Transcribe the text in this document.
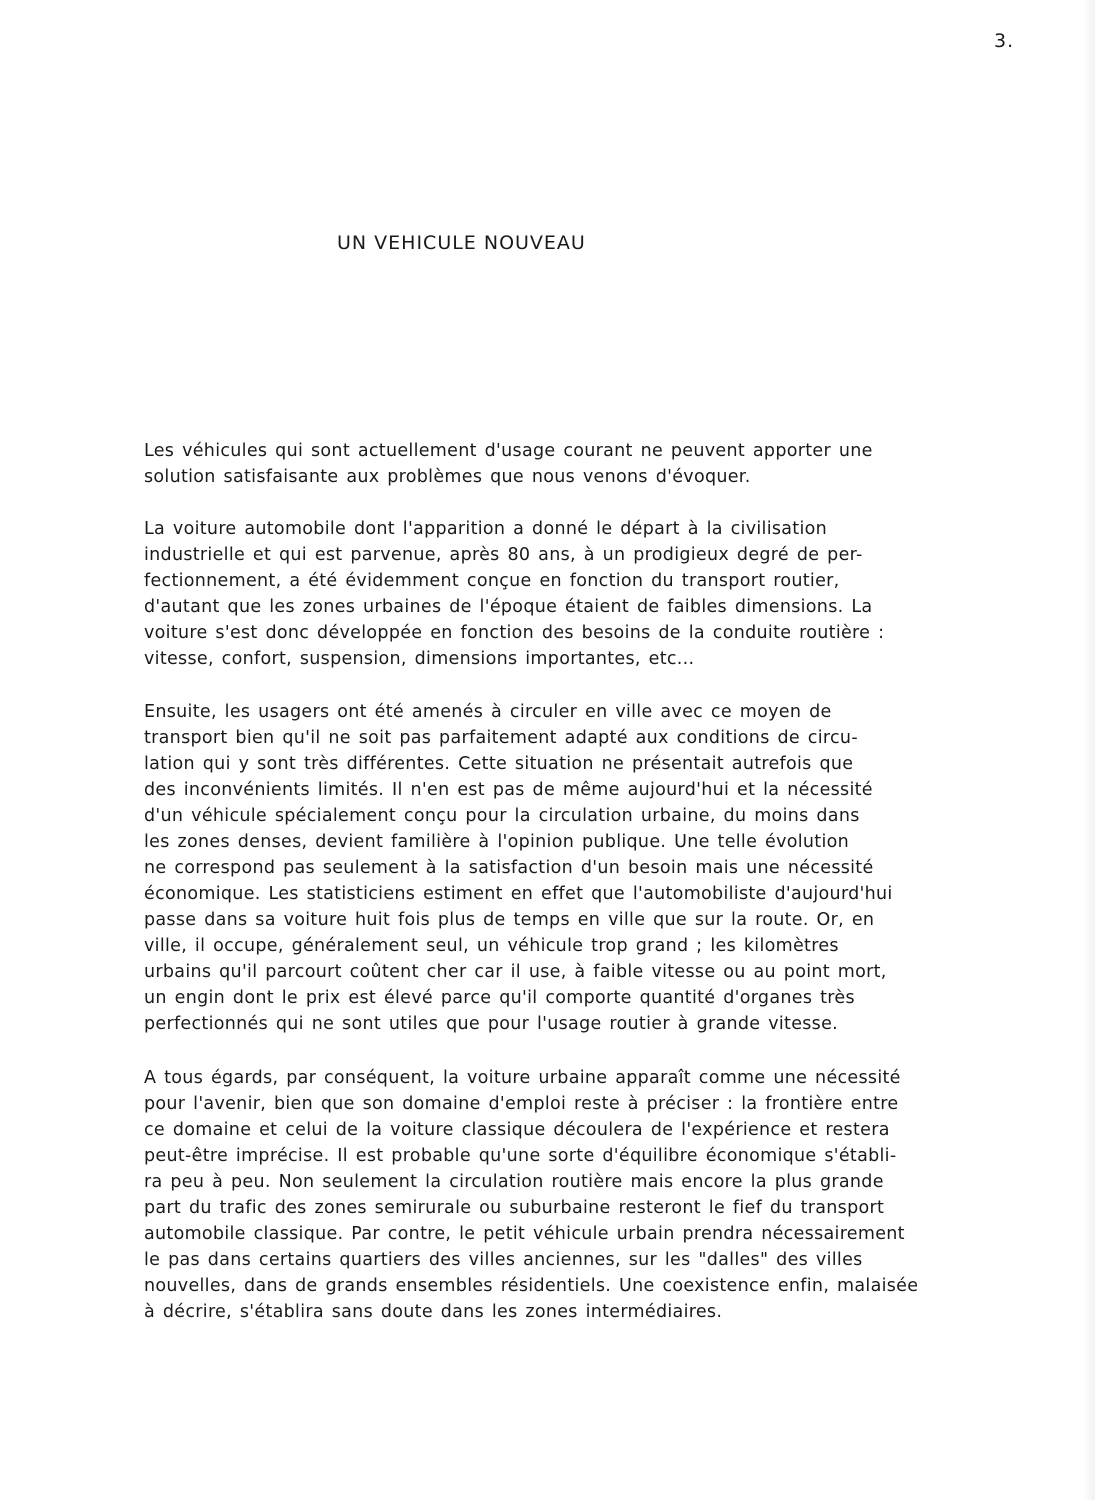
3.
UN VEHICULE NOUVEAU

Les véhicules qui sont actuellement d'usage courant ne peuvent apporter une
solution satisfaisante aux problèmes que nous venons d'évoquer.

La voiture automobile dont l'apparition a donné le départ à la civilisation
industrielle et qui est parvenue, après 80 ans, à un prodigieux degré de per-
fectionnement, a été évidemment conçue en fonction du transport routier,
d'autant que les zones urbaines de l'époque étaient de faibles dimensions. La
voiture s'est donc développée en fonction des besoins de la conduite routière :
vitesse, confort, suspension, dimensions importantes, etc...

Ensuite, les usagers ont été amenés à circuler en ville avec ce moyen de
transport bien qu'il ne soit pas parfaitement adapté aux conditions de circu-
lation qui y sont très différentes. Cette situation ne présentait autrefois que
des inconvénients limités. Il n'en est pas de même aujourd'hui et la nécessité
d'un véhicule spécialement conçu pour la circulation urbaine, du moins dans
les zones denses, devient familière à l'opinion publique. Une telle évolution
ne correspond pas seulement à la satisfaction d'un besoin mais une nécessité
économique. Les statisticiens estiment en effet que l'automobiliste d'aujourd'hui
passe dans sa voiture huit fois plus de temps en ville que sur la route. Or, en
ville, il occupe, généralement seul, un véhicule trop grand ; les kilomètres
urbains qu'il parcourt coûtent cher car il use, à faible vitesse ou au point mort,
un engin dont le prix est élevé parce qu'il comporte quantité d'organes très
perfectionnés qui ne sont utiles que pour l'usage routier à grande vitesse.

A tous égards, par conséquent, la voiture urbaine apparaît comme une nécessité
pour l'avenir, bien que son domaine d'emploi reste à préciser : la frontière entre
ce domaine et celui de la voiture classique découlera de l'expérience et restera
peut-être imprécise. Il est probable qu'une sorte d'équilibre économique s'établi-
ra peu à peu. Non seulement la circulation routière mais encore la plus grande
part du trafic des zones semirurale ou suburbaine resteront le fief du transport
automobile classique. Par contre, le petit véhicule urbain prendra nécessairement
le pas dans certains quartiers des villes anciennes, sur les "dalles" des villes
nouvelles, dans de grands ensembles résidentiels. Une coexistence enfin, malaisée
à décrire, s'établira sans doute dans les zones intermédiaires.
